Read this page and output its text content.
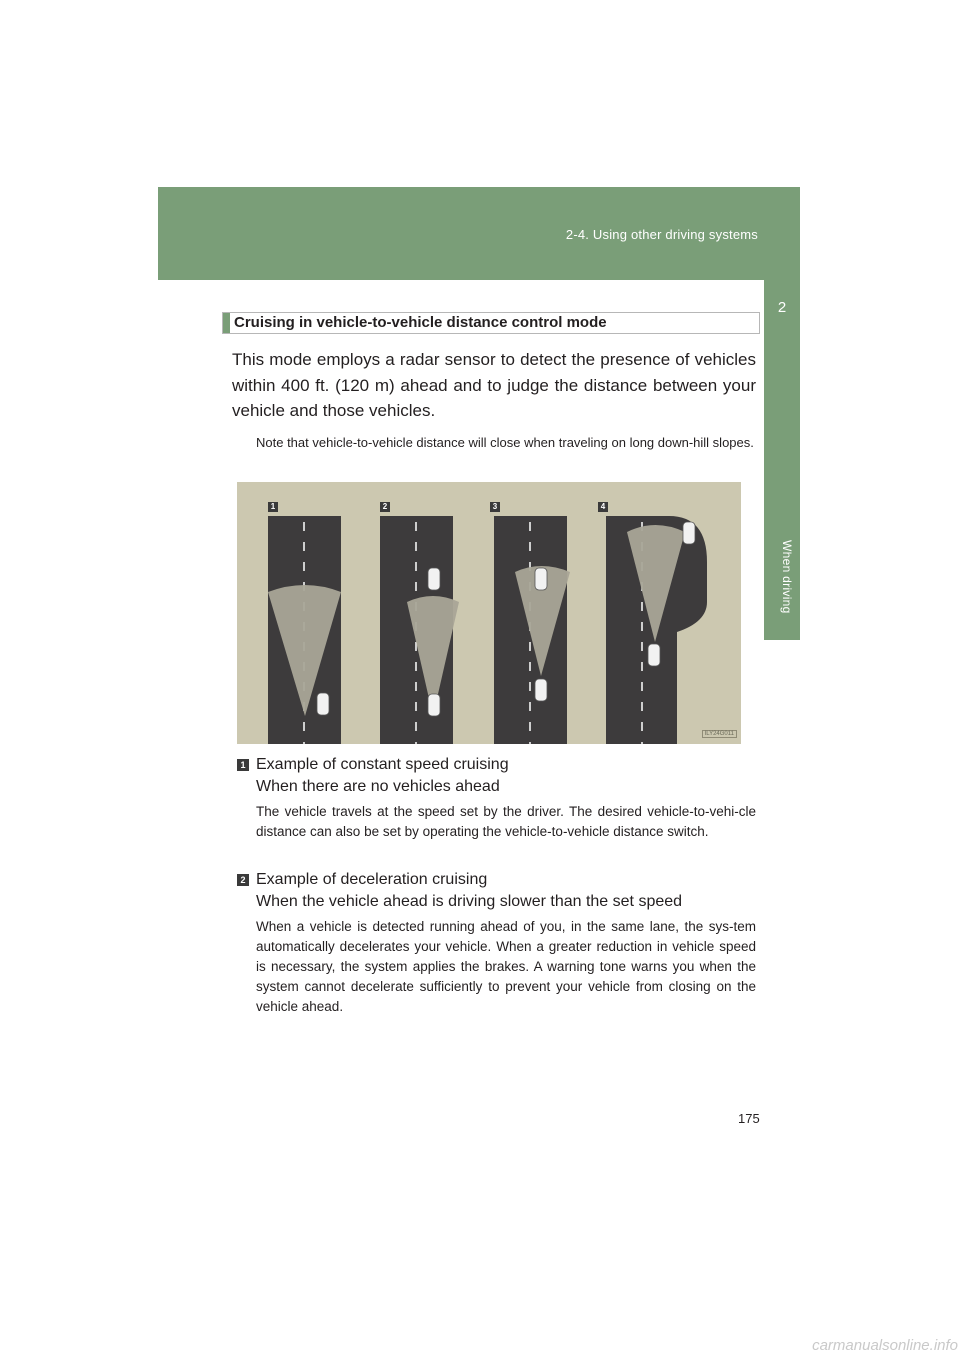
2-4. Using other driving systems
2
When driving
Cruising in vehicle-to-vehicle distance control mode
This mode employs a radar sensor to detect the presence of vehicles within 400 ft. (120 m) ahead and to judge the distance between your vehicle and those vehicles.
Note that vehicle-to-vehicle distance will close when traveling on long down-hill slopes.
1	2	3	4
ILY24G011
1 Example of constant speed cruising
When there are no vehicles ahead
The vehicle travels at the speed set by the driver. The desired vehicle-to-vehi-cle distance can also be set by operating the vehicle-to-vehicle distance switch.
2 Example of deceleration cruising
When the vehicle ahead is driving slower than the set speed
When a vehicle is detected running ahead of you, in the same lane, the sys-tem automatically decelerates your vehicle. When a greater reduction in vehicle speed is necessary, the system applies the brakes. A warning tone warns you when the system cannot decelerate sufficiently to prevent your vehicle from closing on the vehicle ahead.
175
carmanualsonline.info
